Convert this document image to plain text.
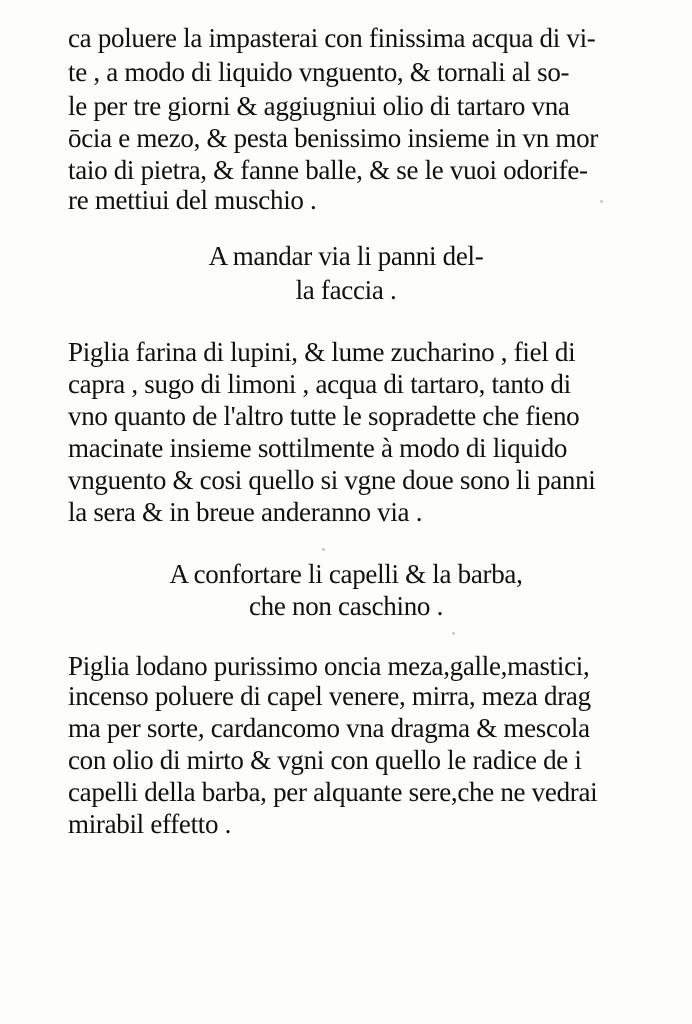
ca poluere la impasterai con finissima acqua di vi-
te , a modo di liquido vnguento, & tornali al so-
le per tre giorni & aggiugniui olio di tartaro vna
ōcia e mezo, & pesta benissimo insieme in vn mor
taio di pietra, & fanne balle, & se le vuoi odorife-
re mettiui del muschio .
A mandar via li panni del-
la faccia .
Piglia farina di lupini, & lume zucharino , fiel di
capra , sugo di limoni , acqua di tartaro, tanto di
vno quanto de l'altro tutte le sopradette che fieno
macinate insieme sottilmente à modo di liquido
vnguento & cosi quello si vgne doue sono li panni
la sera & in breue anderanno via .
A confortare li capelli & la barba,
che non caschino .
Piglia lodano purissimo oncia meza,galle,mastici,
incenso poluere di capel venere, mirra, meza drag
ma per sorte, cardancomo vna dragma & mescola
con olio di mirto & vgni con quello le radice de i
capelli della barba, per alquante sere,che ne vedrai
mirabil effetto .
